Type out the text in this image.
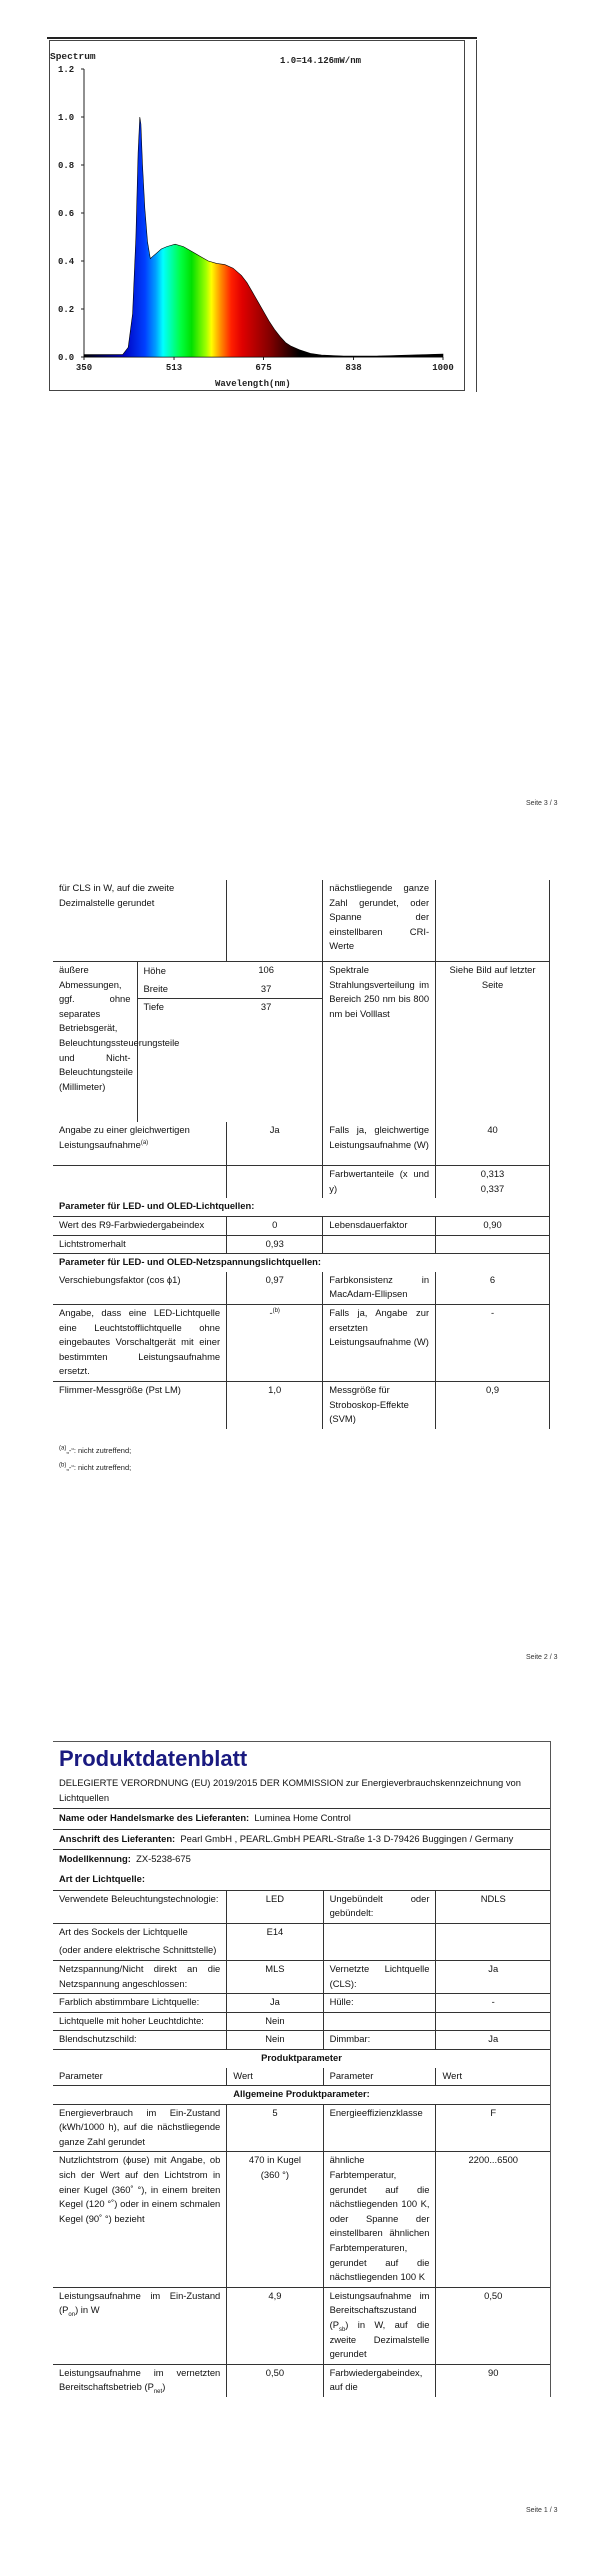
Spectrum	1.0=14.126mW/nm
Wavelength(nm)
0.0
0.2
0.4
0.6
0.8
1.0
1.2
350	513	675	838	1000
Seite 3 / 3
für CLS in W, auf die zweite Dezimalstelle gerundet		nächstliegende ganze Zahl gerundet, oder Spanne der einstellbaren CRI-Werte	

äußere Abmessungen, ggf. ohne separates Betriebsgerät, Beleuchtungssteuerungsteile und Nicht-Beleuchtungsteile (Millimeter)	Höhe	106
Breite	37
Tiefe	37
	Spektrale Strahlungsverteilung im Bereich 250 nm bis 800 nm bei Volllast	Siehe Bild auf letzter Seite
Angabe zu einer gleichwertigen Leistungsaufnahme$^{(a)}$	Ja	Falls ja, gleichwertige Leistungsaufnahme (W)	40
		Farbwertanteile (x und y)	0,313
0,337
Parameter für LED- und OLED-Lichtquellen:
Wert des R9-Farbwiedergabeindex	0	Lebensdauerfaktor	0,90
Lichtstromerhalt	0,93		
Parameter für LED- und OLED-Netzspannungslichtquellen:
Verschiebungsfaktor (cos ϕ1)	0,97	Farbkonsistenz in MacAdam-Ellipsen	6
Angabe, dass eine LED-Lichtquelle eine Leuchtstofflichtquelle ohne eingebautes Vorschaltgerät mit einer bestimmten Leistungsaufnahme ersetzt.	-$^{(b)}$	Falls ja, Angabe zur ersetzten Leistungsaufnahme (W)	-
Flimmer-Messgröße (Pst LM)	1,0	Messgröße für Stroboskop-Effekte (SVM)	0,9
$^{(a)}$„-“: nicht zutreffend;
$^{(b)}$„-“: nicht zutreffend;
Seite 2 / 3
Produktdatenblatt
DELEGIERTE VERORDNUNG (EU) 2019/2015 DER KOMMISSION zur Energieverbrauchskennzeichnung von Lichtquellen
Name oder Handelsmarke des Lieferanten: Luminea Home Control
Anschrift des Lieferanten: Pearl GmbH , PEARL.GmbH PEARL-Straße 1-3 D-79426 Buggingen / Germany
Modellkennung: ZX-5238-675
Art der Lichtquelle:
Verwendete Beleuchtungstechnologie:	LED	Ungebündelt oder gebündelt:	NDLS

Art des Sockels der Lichtquelle
(oder andere elektrische Schnittstelle)	E14		
Netzspannung/Nicht direkt an die Netzspannung angeschlossen:	MLS	Vernetzte Lichtquelle (CLS):	Ja
Farblich abstimmbare Lichtquelle:	Ja	Hülle:	-
Lichtquelle mit hoher Leuchtdichte:	Nein		
Blendschutzschild:	Nein	Dimmbar:	Ja
Produktparameter			
Parameter	Wert	Parameter	Wert
Allgemeine Produktparameter:			
Energieverbrauch im Ein-Zustand (kWh/1000 h), auf die nächstliegende ganze Zahl gerundet	5	Energieeffizienzklasse	F
Nutzlichtstrom (ϕuse) mit Angabe, ob sich der Wert auf den Lichtstrom in einer Kugel (360˚ °), in einem breiten Kegel (120 °˚) oder in einem schmalen Kegel (90˚ °) bezieht	470 in Kugel (360 °)	ähnliche Farbtemperatur, gerundet auf die nächstliegenden 100 K, oder Spanne der einstellbaren ähnlichen Farbtemperaturen, gerundet auf die nächstliegenden 100 K	2200...6500
Leistungsaufnahme im Ein-Zustand $(P_{on})$ in W	4,9	Leistungsaufnahme im Bereitschaftszustand $(P_{sb})$ in W, auf die zweite Dezimalstelle gerundet	0,50
Leistungsaufnahme im vernetzten Bereitschaftsbetrieb $(P_{net})$	0,50	Farbwiedergabeindex, auf die	90
Seite 1 / 3
